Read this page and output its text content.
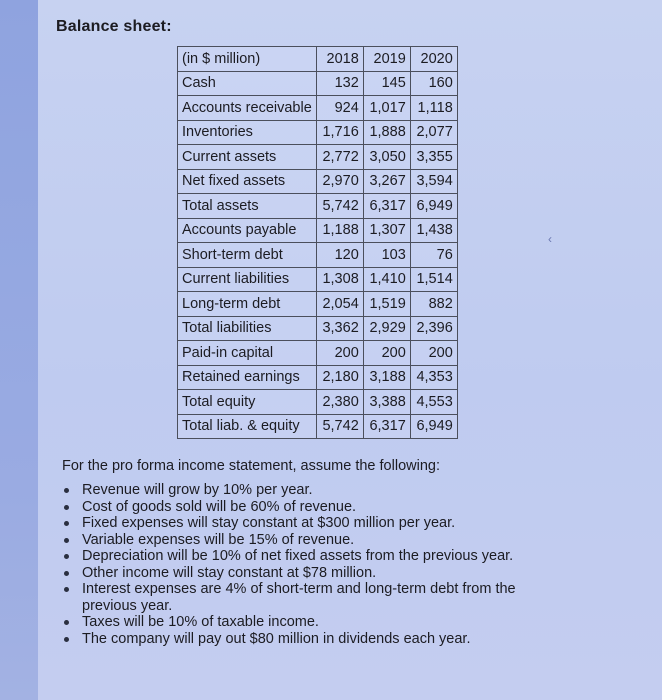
Balance sheet:
(in $ million)	2018	2019	2020
Cash	132	145	160
Accounts receivable	924	1,017	1,118
Inventories	1,716	1,888	2,077
Current assets	2,772	3,050	3,355
Net fixed assets	2,970	3,267	3,594
Total assets	5,742	6,317	6,949
Accounts payable	1,188	1,307	1,438
Short-term debt	120	103	76
Current liabilities	1,308	1,410	1,514
Long-term debt	2,054	1,519	882
Total liabilities	3,362	2,929	2,396
Paid-in capital	200	200	200
Retained earnings	2,180	3,188	4,353
Total equity	2,380	3,388	4,553
Total liab. & equity	5,742	6,317	6,949
‹
For the pro forma income statement, assume the following:
Revenue will grow by 10% per year.
Cost of goods sold will be 60% of revenue.
Fixed expenses will stay constant at $300 million per year.
Variable expenses will be 15% of revenue.
Depreciation will be 10% of net fixed assets from the previous year.
Other income will stay constant at $78 million.
Interest expenses are 4% of short-term and long-term debt from the previous year.
Taxes will be 10% of taxable income.
The company will pay out $80 million in dividends each year.
